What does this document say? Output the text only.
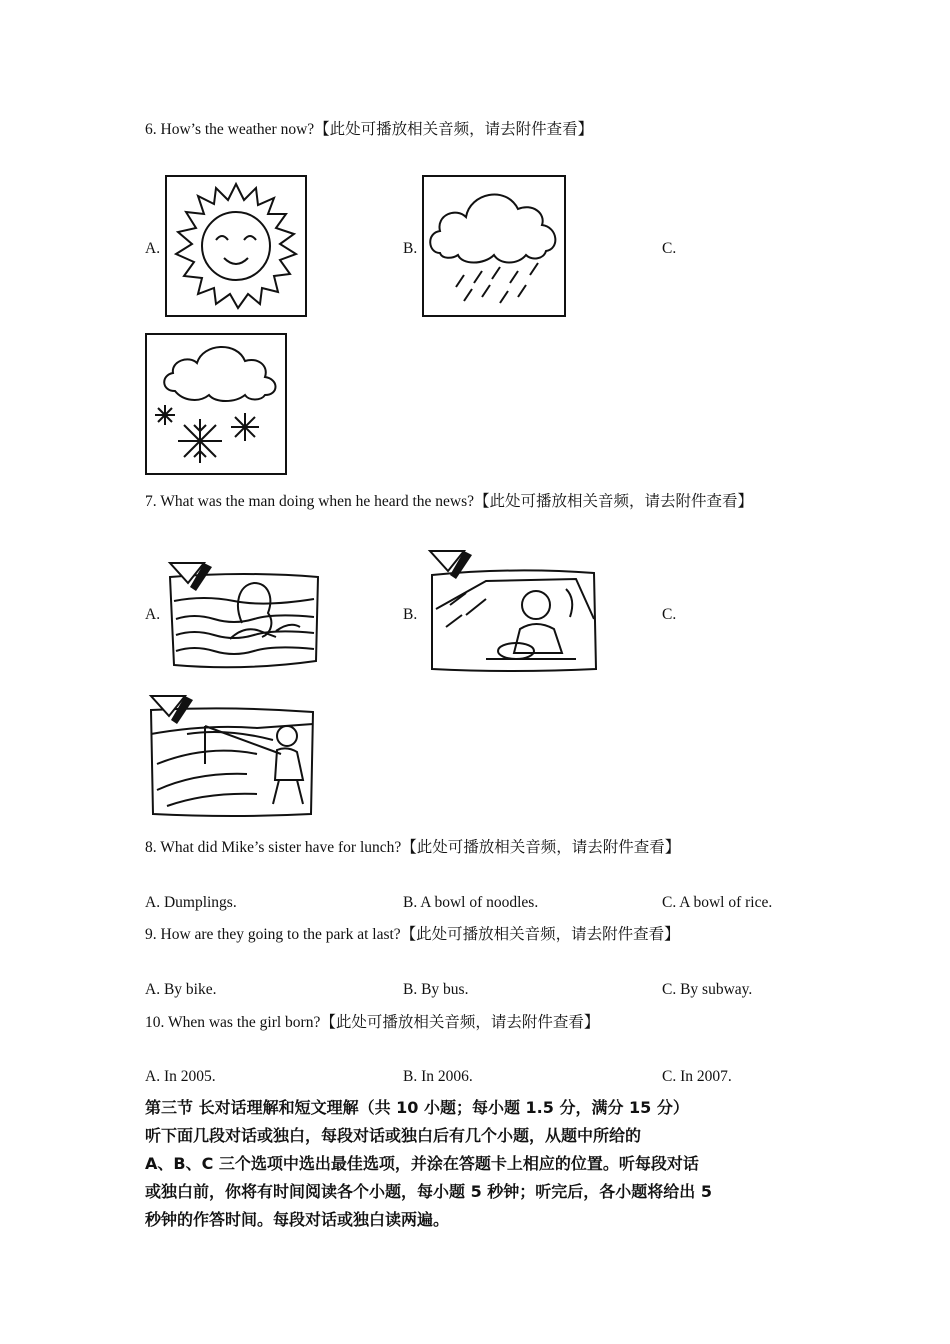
6. How’s the weather now?【此处可播放相关音频，请去附件查看】
A.	B.	C.
7. What was the man doing when he heard the news?【此处可播放相关音频，请去附件查看】
A.	B.	C.
8. What did Mike’s sister have for lunch?【此处可播放相关音频，请去附件查看】
A. Dumplings.	B. A bowl of noodles.	C. A bowl of rice.
9. How are they going to the park at last?【此处可播放相关音频，请去附件查看】
A. By bike.	B. By bus.	C. By subway.
10. When was the girl born?【此处可播放相关音频，请去附件查看】
A. In 2005.	B. In 2006.	C. In 2007.

第三节 长对话理解和短文理解（共 10 小题；每小题 1.5 分，满分 15 分）

听下面几段对话或独白，每段对话或独白后有几个小题，从题中所给的

A、B、C 三个选项中选出最佳选项，并涂在答题卡上相应的位置。听每段对话

或独白前，你将有时间阅读各个小题，每小题 5 秒钟；听完后，各小题将给出 5

秒钟的作答时间。每段对话或独白读两遍。
